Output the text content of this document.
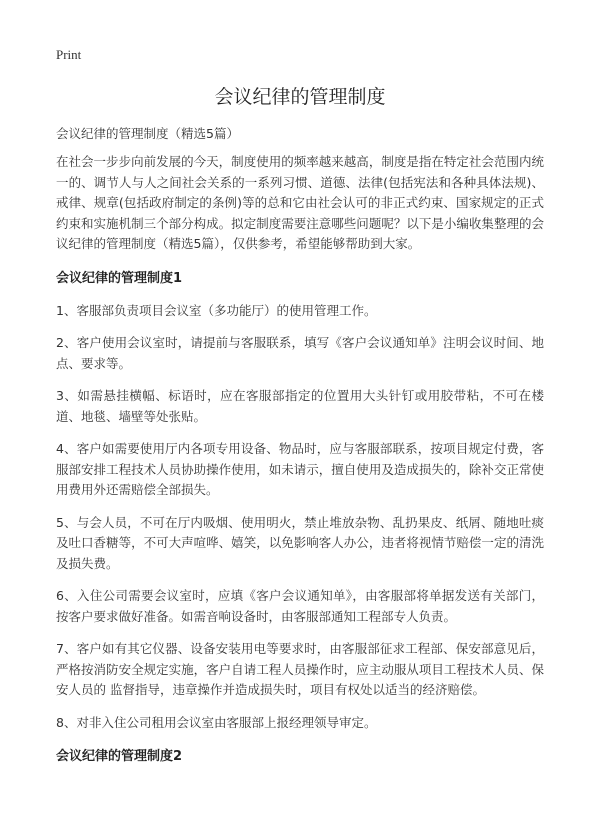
Print
会议纪律的管理制度

会议纪律的管理制度（精选5篇）

在社会一步步向前发展的今天，制度使用的频率越来越高，制度是指在特定社会范围内统一的、调节人与人之间社会关系的一系列习惯、道德、法律(包括宪法和各种具体法规)、戒律、规章(包括政府制定的条例)等的总和它由社会认可的非正式约束、国家规定的正式约束和实施机制三个部分构成。拟定制度需要注意哪些问题呢？以下是小编收集整理的会议纪律的管理制度（精选5篇），仅供参考，希望能够帮助到大家。

会议纪律的管理制度1

1、客服部负责项目会议室（多功能厅）的使用管理工作。

2、客户使用会议室时，请提前与客服联系，填写《客户会议通知单》注明会议时间、地点、要求等。

3、如需悬挂横幅、标语时，应在客服部指定的位置用大头针钉或用胶带粘，不可在楼道、地毯、墙壁等处张贴。

4、客户如需要使用厅内各项专用设备、物品时，应与客服部联系，按项目规定付费，客服部安排工程技术人员协助操作使用，如未请示，擅自使用及造成损失的，除补交正常使用费用外还需赔偿全部损失。

5、与会人员，不可在厅内吸烟、使用明火，禁止堆放杂物、乱扔果皮、纸屑、随地吐痰及吐口香糖等，不可大声喧哗、嬉笑，以免影响客人办公，违者将视情节赔偿一定的清洗及损失费。

6、入住公司需要会议室时，应填《客户会议通知单》，由客服部将单据发送有关部门，按客户要求做好准备。如需音响设备时，由客服部通知工程部专人负责。

7、客户如有其它仪器、设备安装用电等要求时，由客服部征求工程部、保安部意见后，严格按消防安全规定实施，客户自请工程人员操作时，应主动服从项目工程技术人员、保安人员的 监督指导，违章操作并造成损失时，项目有权处以适当的经济赔偿。

8、对非入住公司租用会议室由客服部上报经理领导审定。

会议纪律的管理制度2
